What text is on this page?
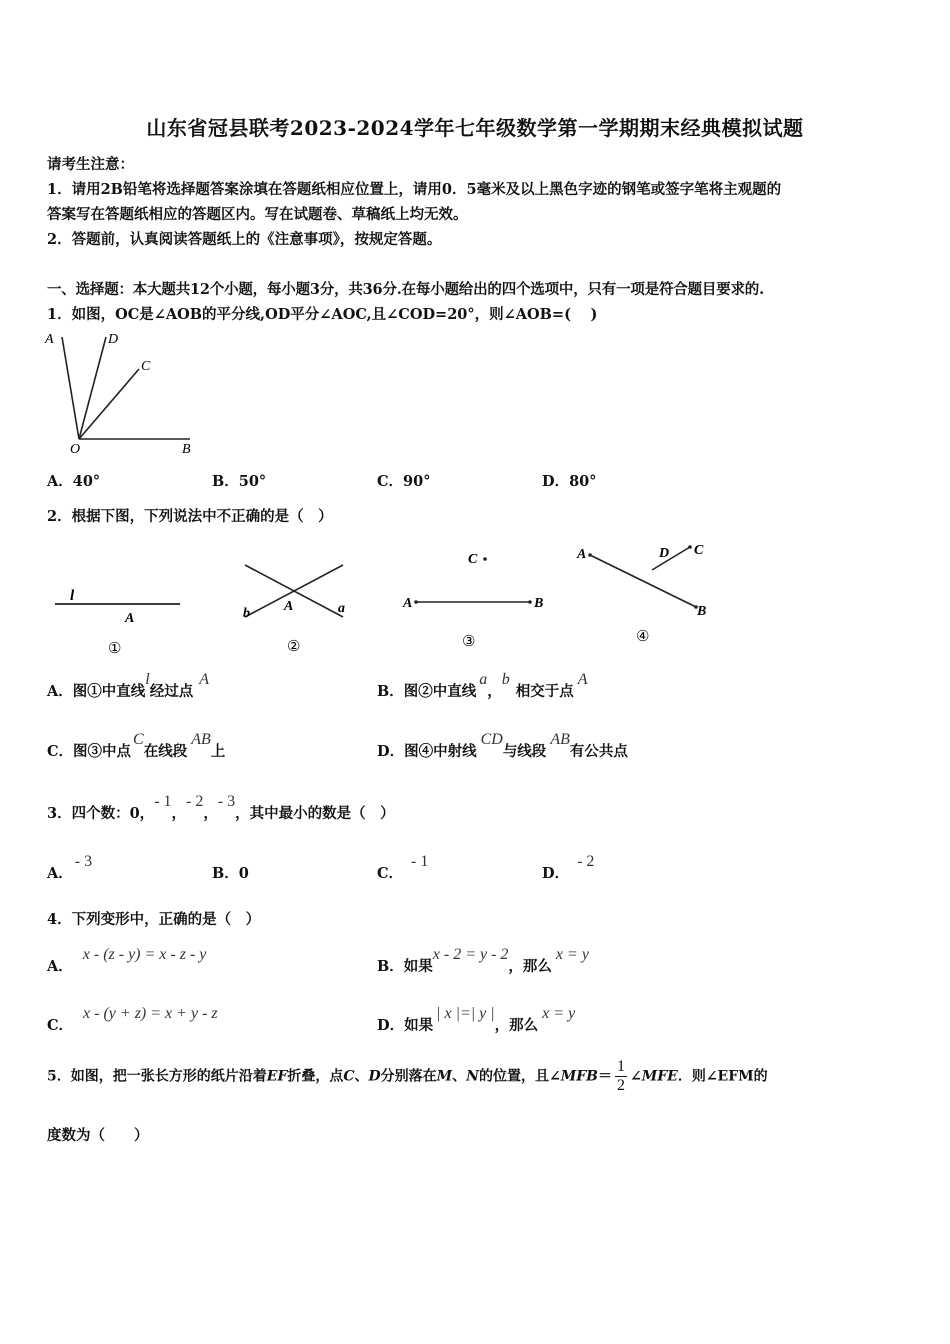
山东省冠县联考2023-2024学年七年级数学第一学期期末经典模拟试题
请考生注意：
1．请用2B铅笔将选择题答案涂填在答题纸相应位置上，请用0．5毫米及以上黑色字迹的钢笔或签字笔将主观题的
答案写在答题纸相应的答题区内。写在试题卷、草稿纸上均无效。
2．答题前，认真阅读答题纸上的《注意事项》，按规定答题。
一、选择题：本大题共12个小题，每小题3分，共36分.在每小题给出的四个选项中，只有一项是符合题目要求的.
1．如图，OC是∠AOB的平分线,OD平分∠AOC,且∠COD=20°，则∠AOB=(　 )
A	D
C
O	B
A．40°	B．50°	C．90°	D．80°
2．根据下图，下列说法中不正确的是（　）
l
A
①
b A	a
②
C
A	B
③
A	D C
B
④
A．图①中直线l经过点A
B．图②中直线a，b相交于点A
C．图③中点C在线段AB上	D．图④中射线CD与线段AB有公共点
3．四个数：0，- 1，- 2，- 3，其中最小的数是（　）
A．- 3
B．0	C．- 1
D．- 2
4．下列变形中，正确的是（　）
A．x - (z - y) = x - z - y
B．如果x - 2 = y - 2，那么x = y
C．x - (y + z) = x + y - z
D．如果| x |=| y |，那么x = y
5．如图，把一张长方形的纸片沿着EF折叠，点C、D分别落在M、N的位置，且∠MFB＝ $\frac{1}{2}$ ∠MFE．则∠EFM的
度数为（　　）
